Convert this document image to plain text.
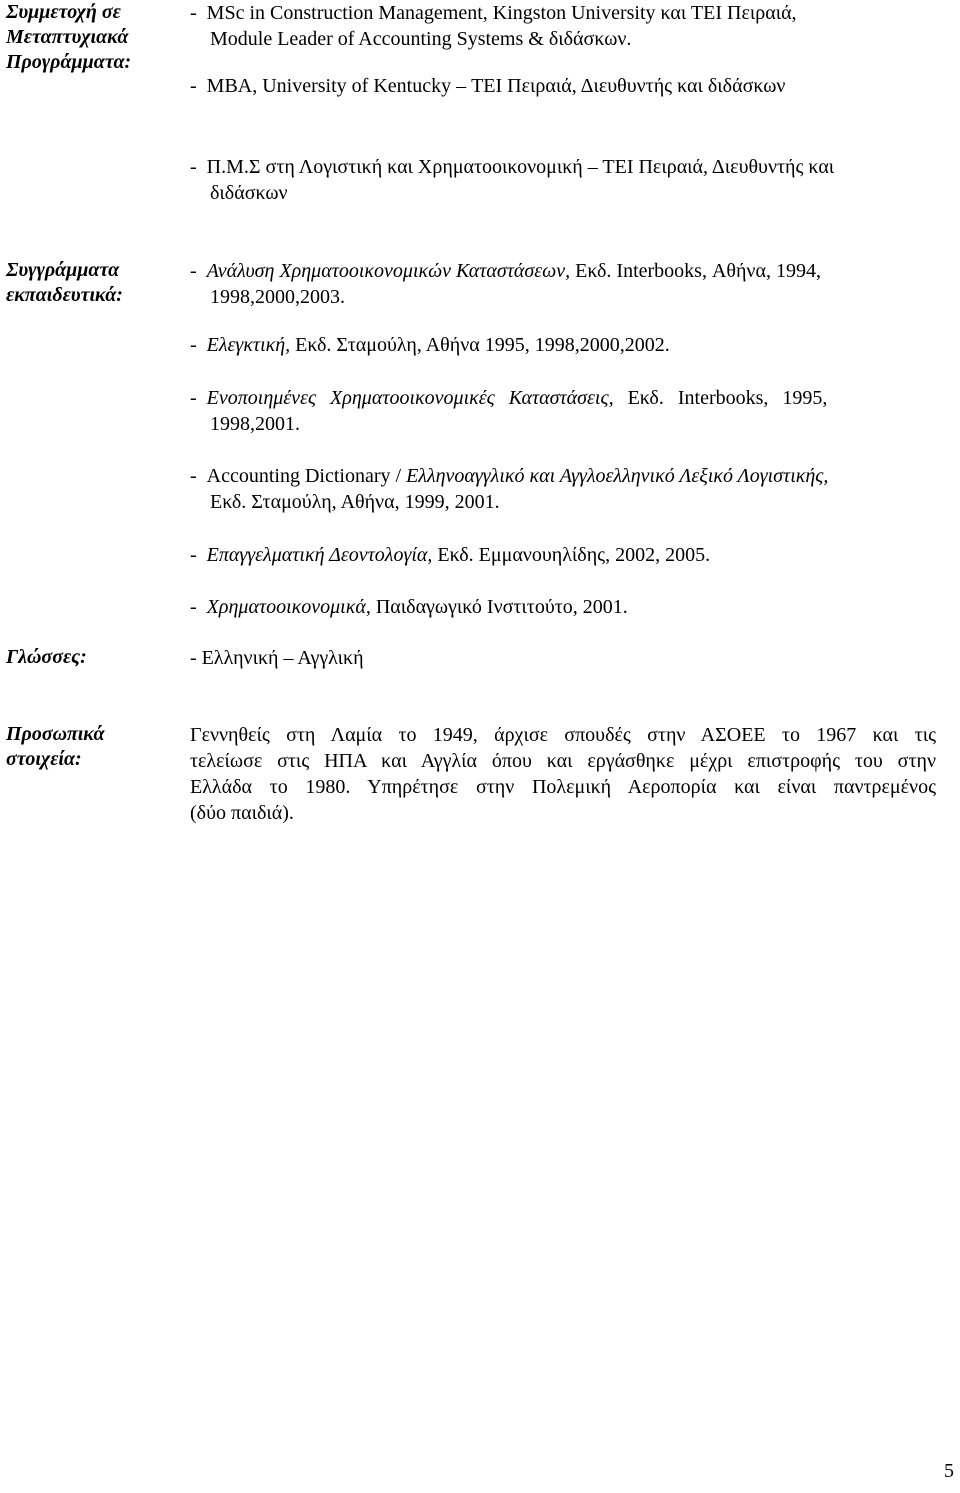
Συμμετοχή σε
Μεταπτυχιακά
Προγράμματα:
- MSc in Construction Management, Kingston University και ΤΕΙ Πειραιά,
Module Leader of Accounting Systems & διδάσκων.
- MBA, University of Kentucky – ΤΕΙ Πειραιά, Διευθυντής και διδάσκων
- Π.Μ.Σ στη Λογιστική και Χρηματοοικονομική – ΤΕΙ Πειραιά, Διευθυντής και
διδάσκων
Συγγράμματα
εκπαιδευτικά:
- Ανάλυση Χρηματοοικονομικών Καταστάσεων, Εκδ. Interbooks, Αθήνα, 1994,
1998,2000,2003.
- Ελεγκτική, Εκδ. Σταμούλη, Αθήνα 1995, 1998,2000,2002.
- Ενοποιημένες Χρηματοοικονομικές Καταστάσεις, Εκδ. Interbooks, 1995,
1998,2001.
- Accounting Dictionary / Ελληνοαγγλικό και Αγγλοελληνικό Λεξικό Λογιστικής,
Εκδ. Σταμούλη, Αθήνα, 1999, 2001.
- Επαγγελματική Δεοντολογία, Εκδ. Εμμανουηλίδης, 2002, 2005.
- Χρηματοοικονομικά, Παιδαγωγικό Ινστιτούτο, 2001.
Γλώσσες:	- Ελληνική – Αγγλική
Προσωπικά
στοιχεία:
Γεννηθείς στη Λαμία το 1949, άρχισε σπουδές στην ΑΣΟΕΕ το 1967 και τις
τελείωσε στις ΗΠΑ και Αγγλία όπου και εργάσθηκε μέχρι επιστροφής του στην
Ελλάδα το 1980. Υπηρέτησε στην Πολεμική Αεροπορία και είναι παντρεμένος
(δύο παιδιά).
5
